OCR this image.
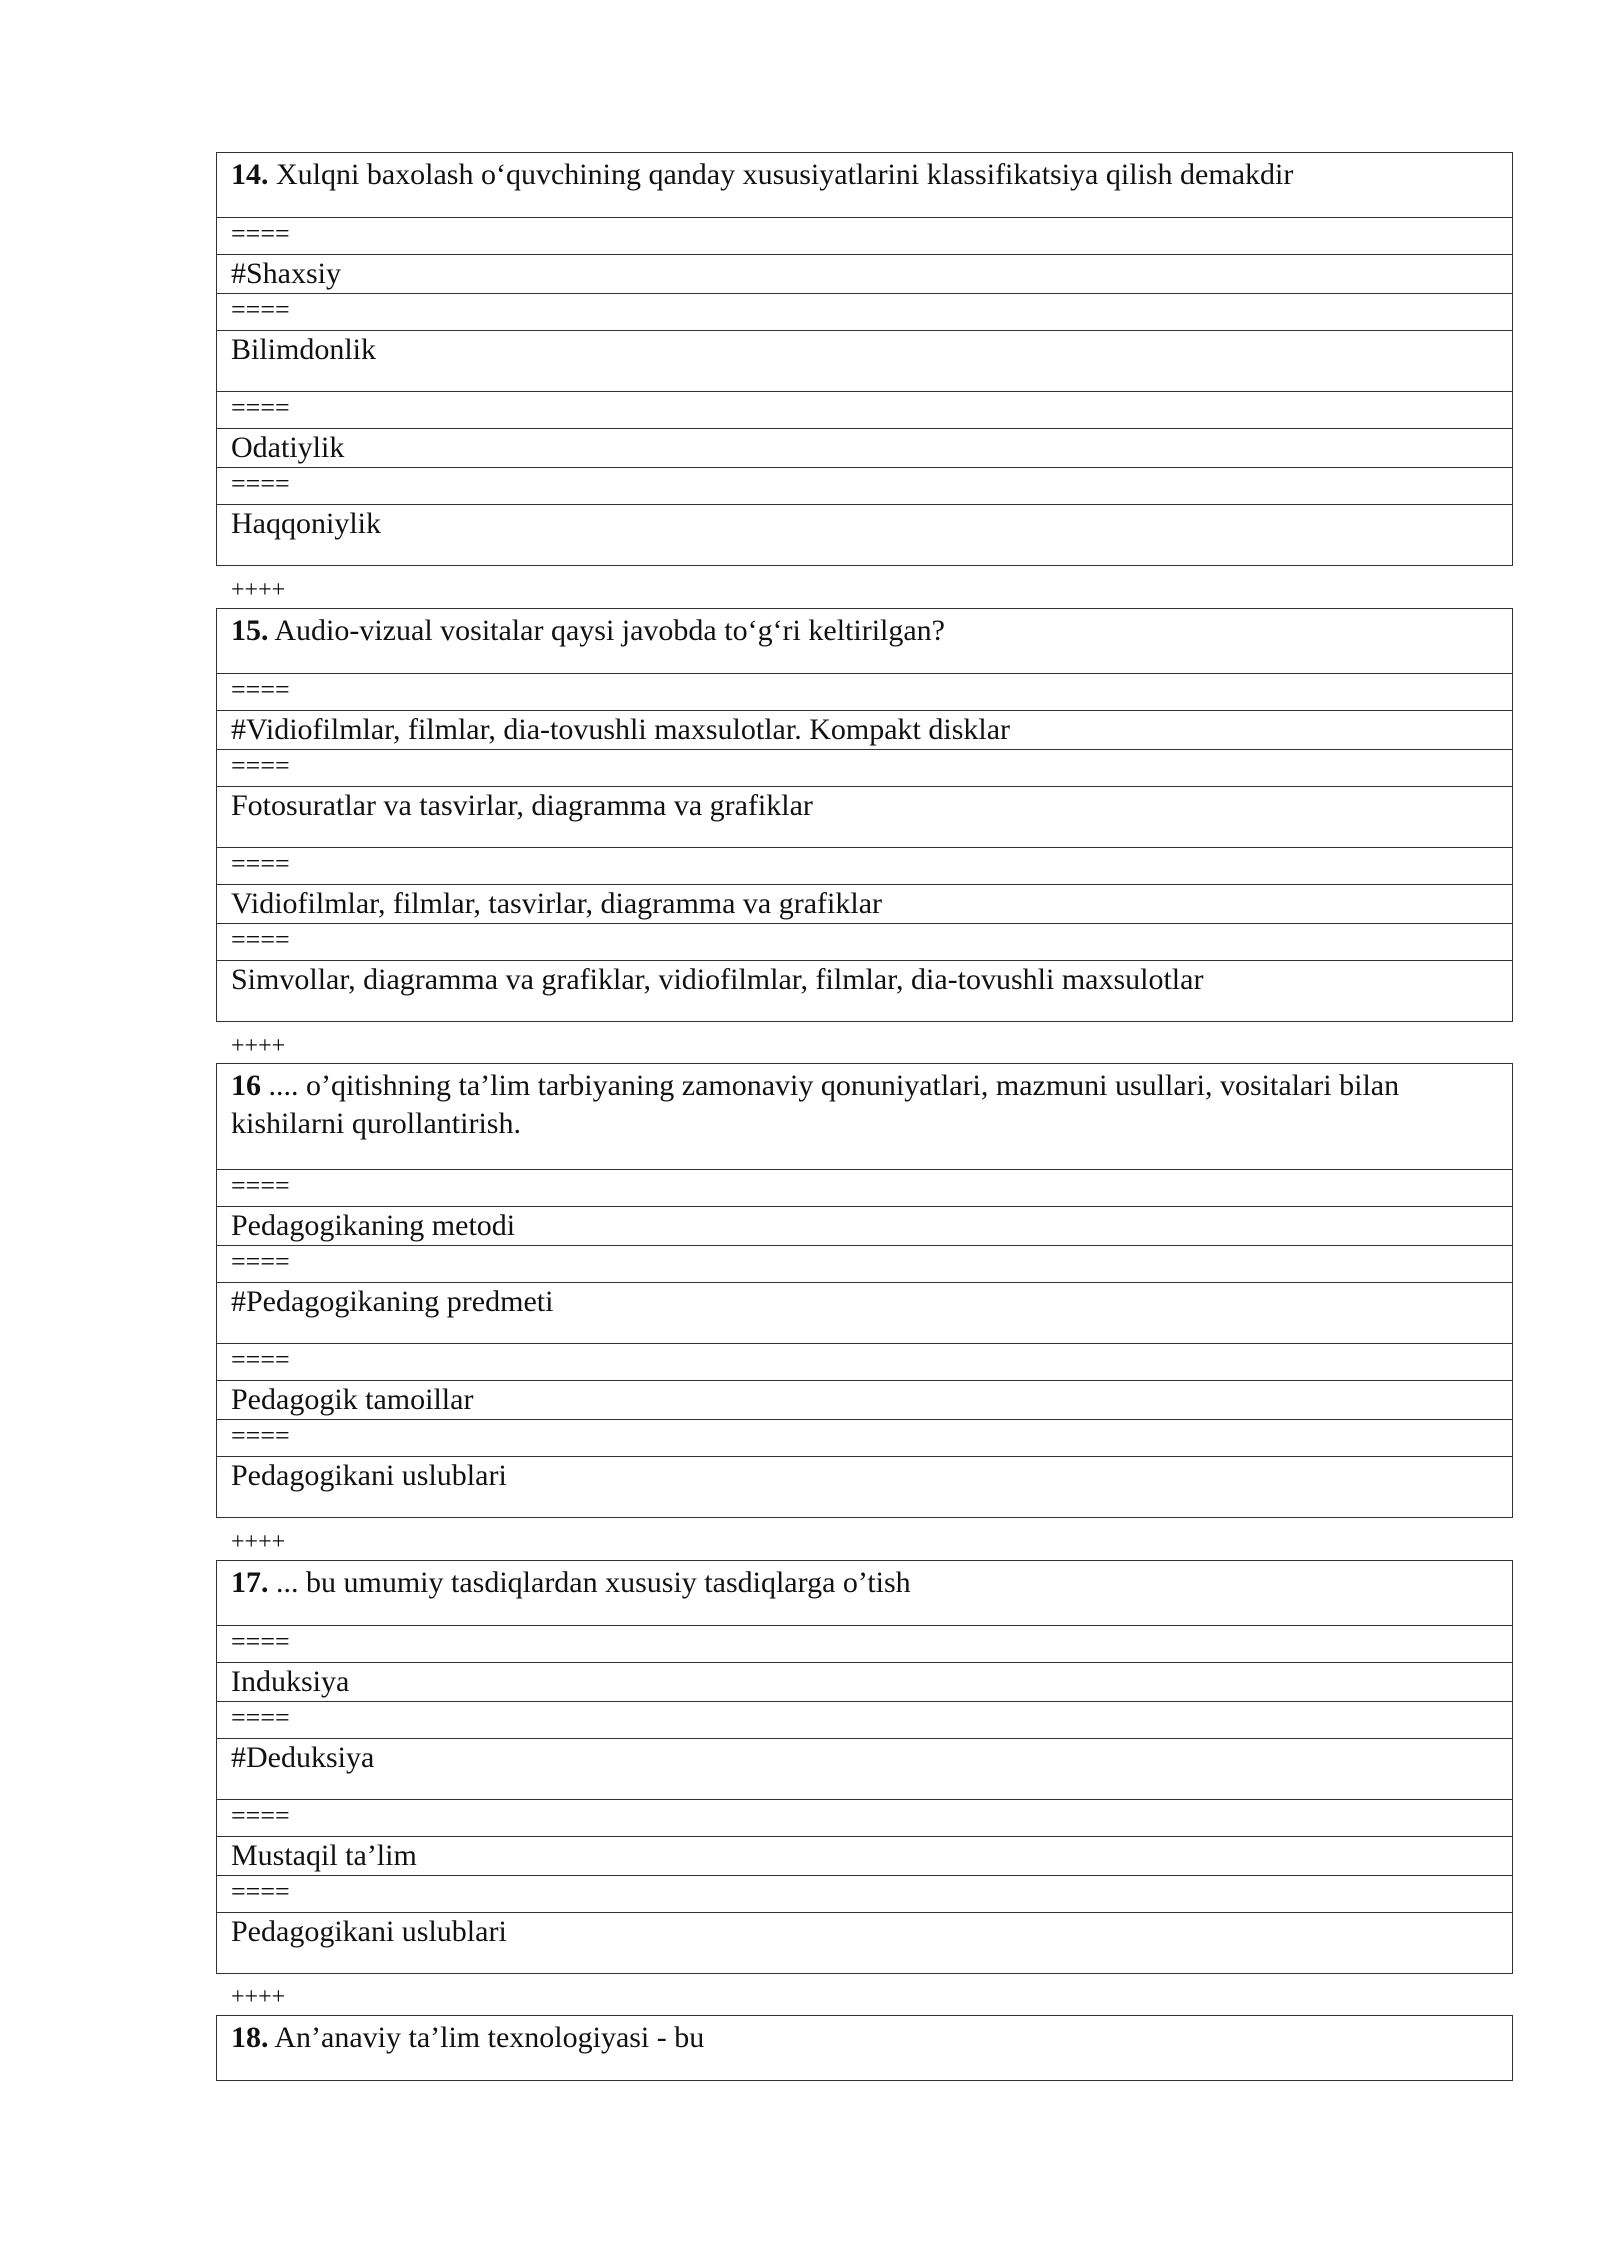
14. Xulqni baxolash o‘quvchining qanday xususiyatlarini klassifikatsiya qilish demakdir
====
#Shaxsiy
====
Bilimdonlik
====
Odatiylik
====
Haqqoniylik
15. Audio-vizual vositalar qaysi javobda to‘g‘ri keltirilgan?
====
#Vidiofilmlar, filmlar, dia-tovushli maxsulotlar. Kompakt disklar
====
Fotosuratlar va tasvirlar, diagramma va grafiklar
====
Vidiofilmlar, filmlar, tasvirlar, diagramma va grafiklar
====
Simvollar, diagramma va grafiklar, vidiofilmlar, filmlar, dia-tovushli maxsulotlar
16 .... o’qitishning ta’lim tarbiyaning zamonaviy qonuniyatlari, mazmuni usullari, vositalari bilan kishilarni qurollantirish.
====
Pedagogikaning metodi
====
#Pedagogikaning predmeti
====
Pedagogik tamoillar
====
Pedagogikani uslublari
17. ... bu umumiy tasdiqlardan xususiy tasdiqlarga o’tish
====
Induksiya
====
#Deduksiya
====
Mustaqil ta’lim
====
Pedagogikani uslublari
18. An’anaviy ta’lim texnologiyasi - bu
++++
++++
++++
++++
